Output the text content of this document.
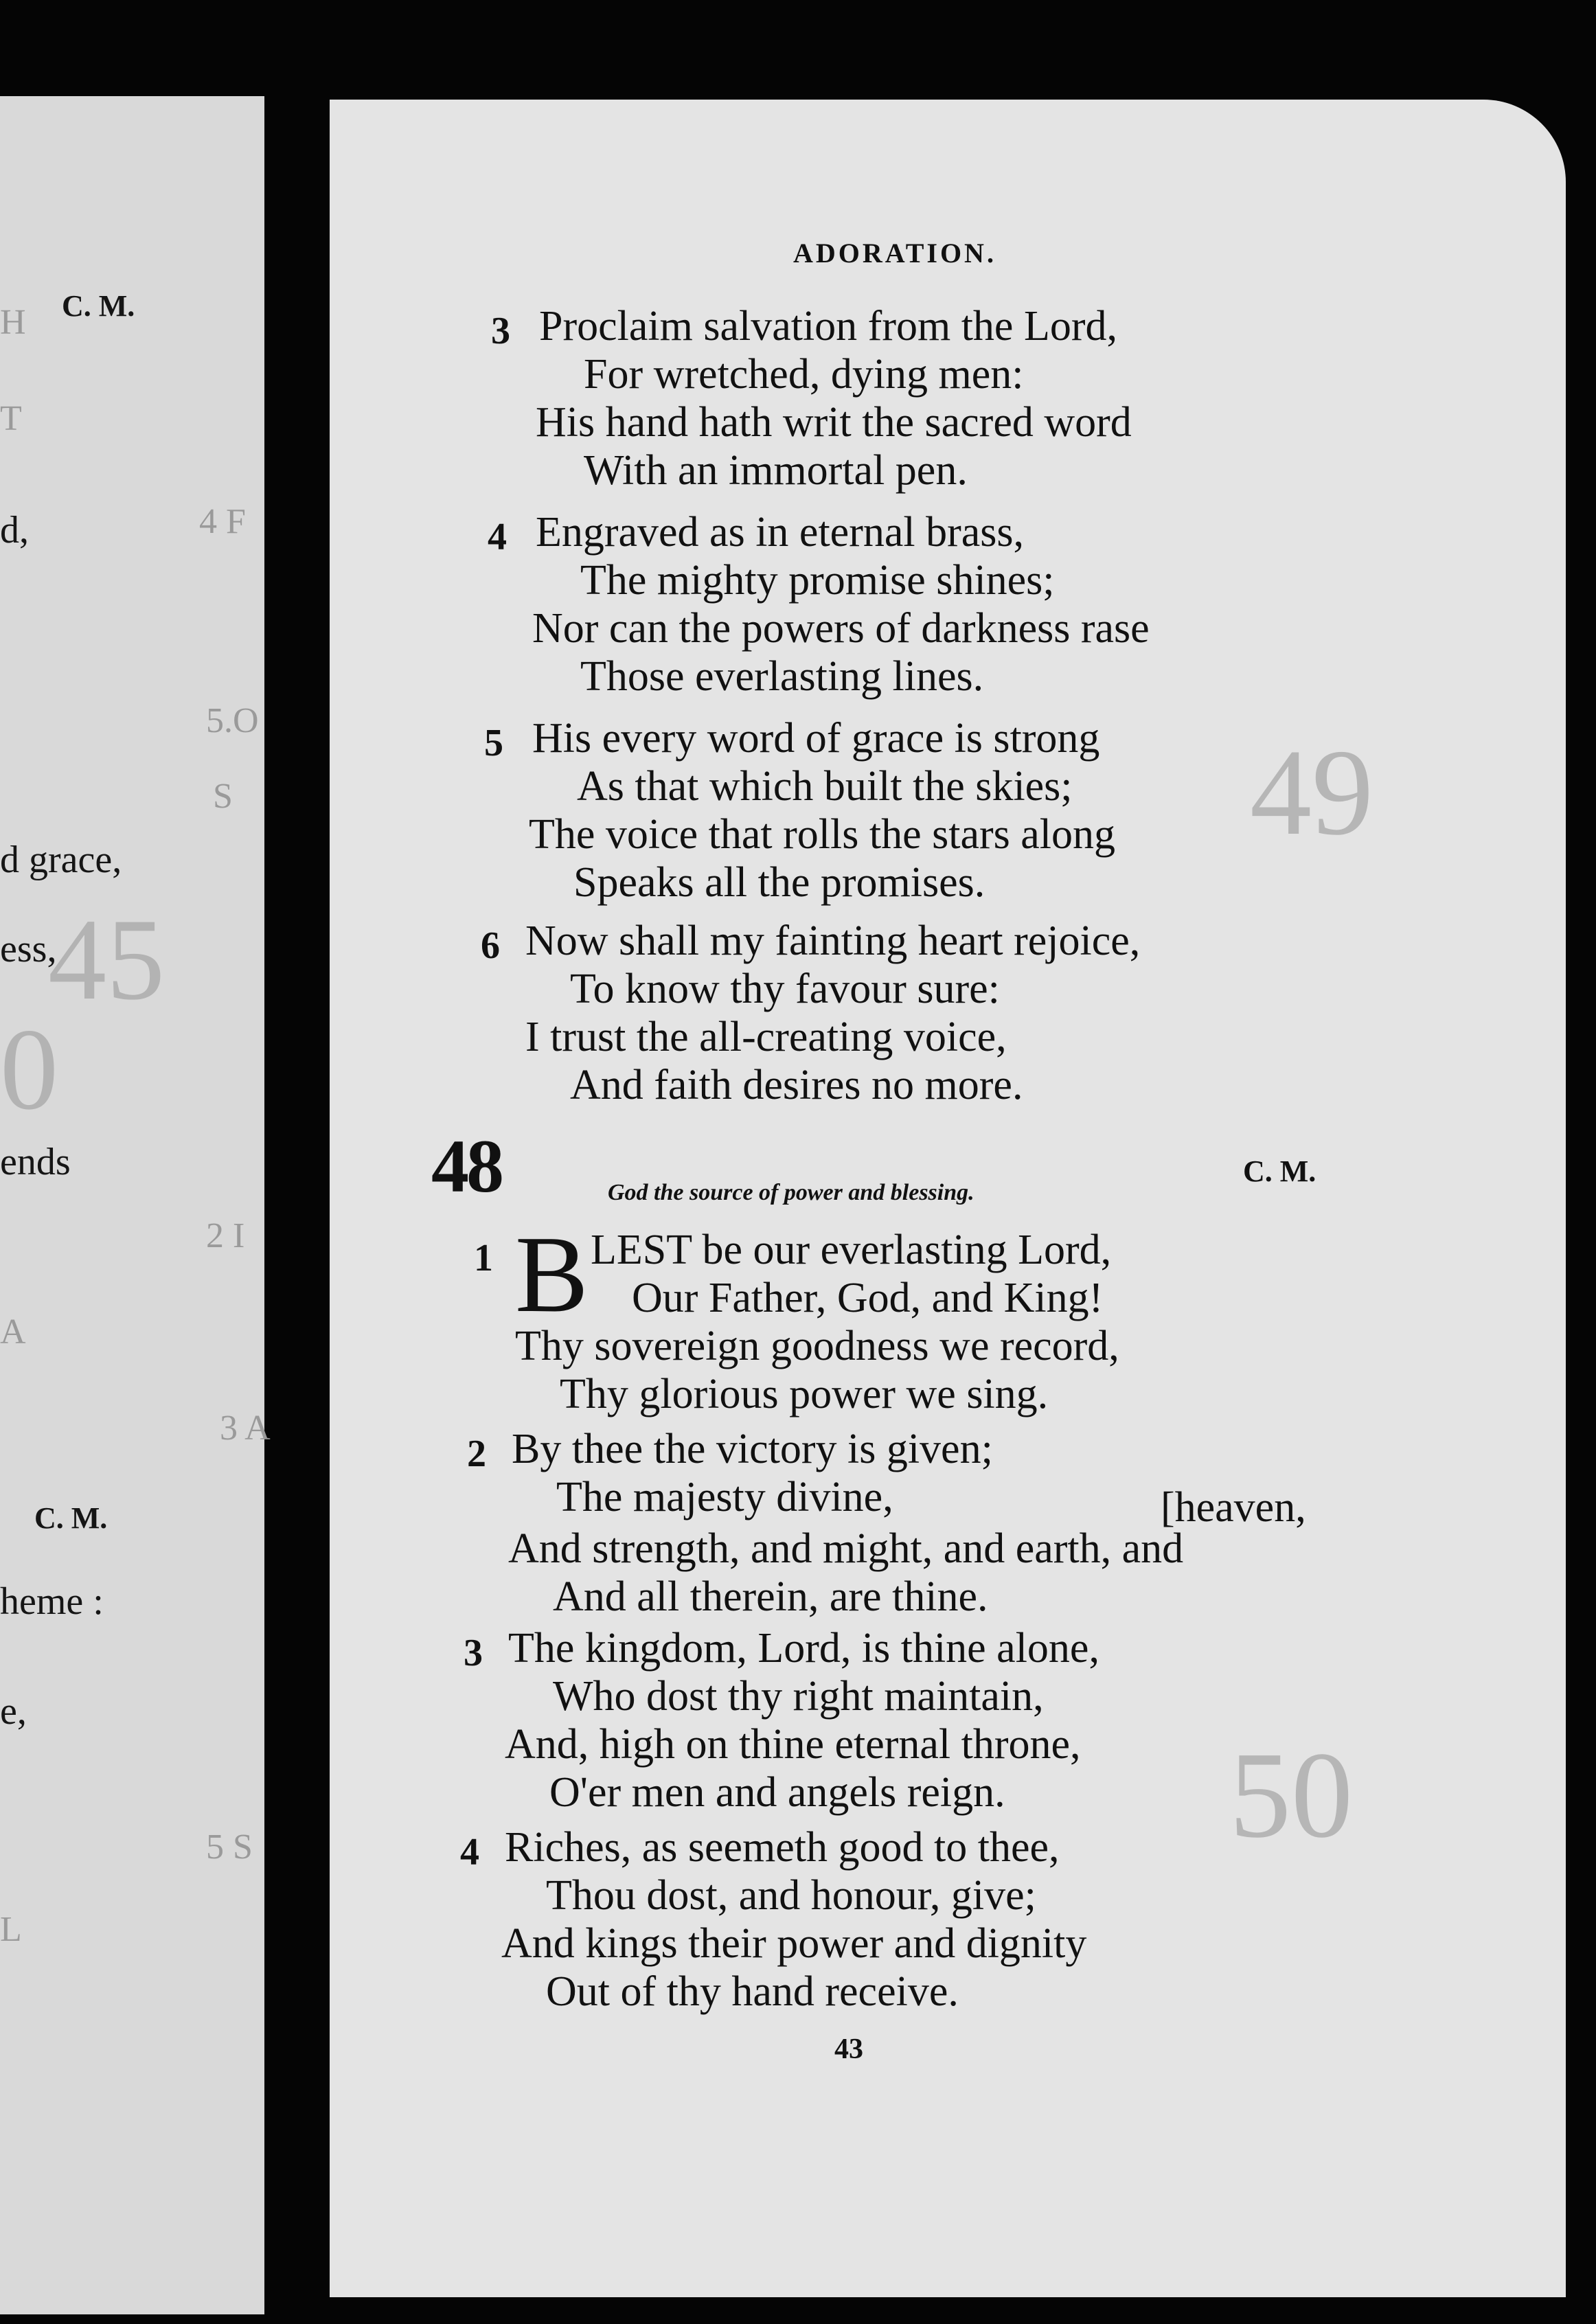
C. M.
d,
d grace,
ess,
ends
C. M.
heme :
e,
H
4 F
5.O
S
2 I
A
3 A
5 S
L
T
45
0
49
50
ADORATION.
3 Proclaim salvation from the Lord,
For wretched, dying men:
His hand hath writ the sacred word
With an immortal pen.
4 Engraved as in eternal brass,
The mighty promise shines;
Nor can the powers of darkness rase
Those everlasting lines.
5 His every word of grace is strong
As that which built the skies;
The voice that rolls the stars along
Speaks all the promises.
6 Now shall my fainting heart rejoice,
To know thy favour sure:
I trust the all-creating voice,
And faith desires no more.
48	C. M.
God the source of power and blessing.
1 B LEST be our everlasting Lord,
Our Father, God, and King!
Thy sovereign goodness we record,
Thy glorious power we sing.
2 By thee the victory is given;
The majesty divine,	[heaven,
And strength, and might, and earth, and
And all therein, are thine.
3 The kingdom, Lord, is thine alone,
Who dost thy right maintain,
And, high on thine eternal throne,
O'er men and angels reign.
4 Riches, as seemeth good to thee,
Thou dost, and honour, give;
And kings their power and dignity
Out of thy hand receive.
43
